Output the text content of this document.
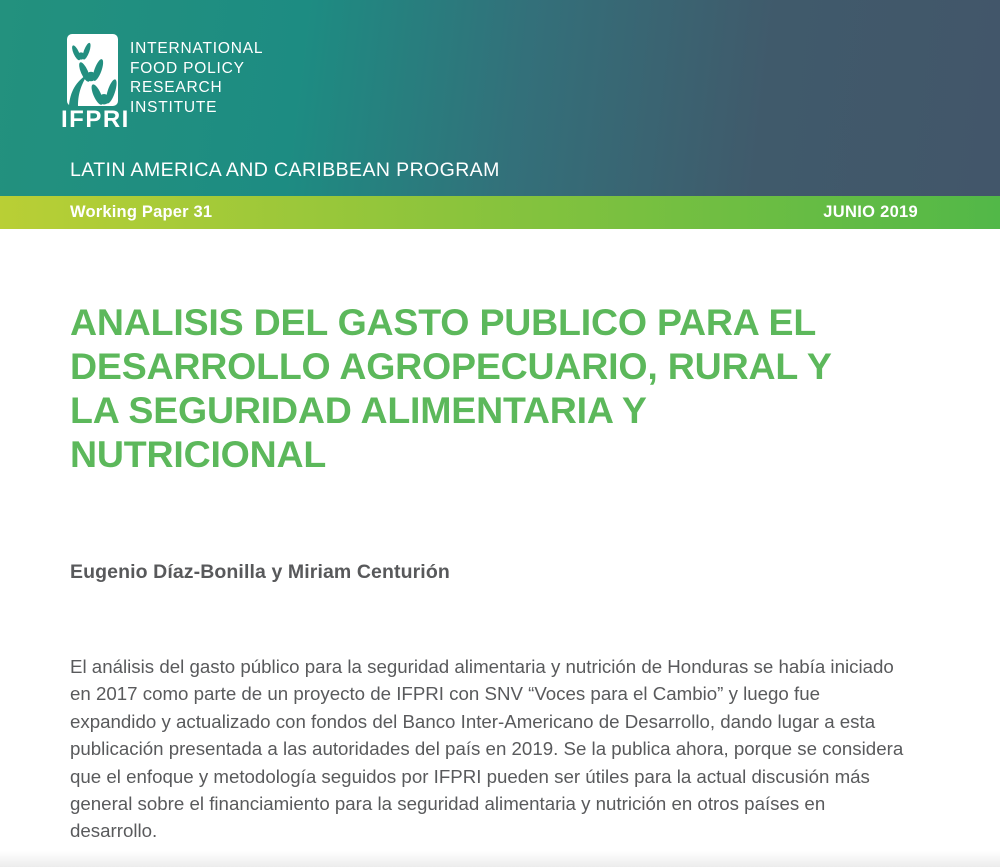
IFPRI
INTERNATIONAL
FOOD POLICY
RESEARCH
INSTITUTE
LATIN AMERICA AND CARIBBEAN PROGRAM
Working Paper 31	JUNIO 2019
ANALISIS DEL GASTO PUBLICO PARA EL
DESARROLLO AGROPECUARIO, RURAL Y
LA SEGURIDAD ALIMENTARIA Y
NUTRICIONAL
Eugenio Díaz-Bonilla y Miriam Centurión
El análisis del gasto público para la seguridad alimentaria y nutrición de Honduras se había iniciado
en 2017 como parte de un proyecto de IFPRI con SNV “Voces para el Cambio” y luego fue
expandido y actualizado con fondos del Banco Inter-Americano de Desarrollo, dando lugar a esta
publicación presentada a las autoridades del país en 2019. Se la publica ahora, porque se considera
que el enfoque y metodología seguidos por IFPRI pueden ser útiles para la actual discusión más
general sobre el financiamiento para la seguridad alimentaria y nutrición en otros países en
desarrollo.
